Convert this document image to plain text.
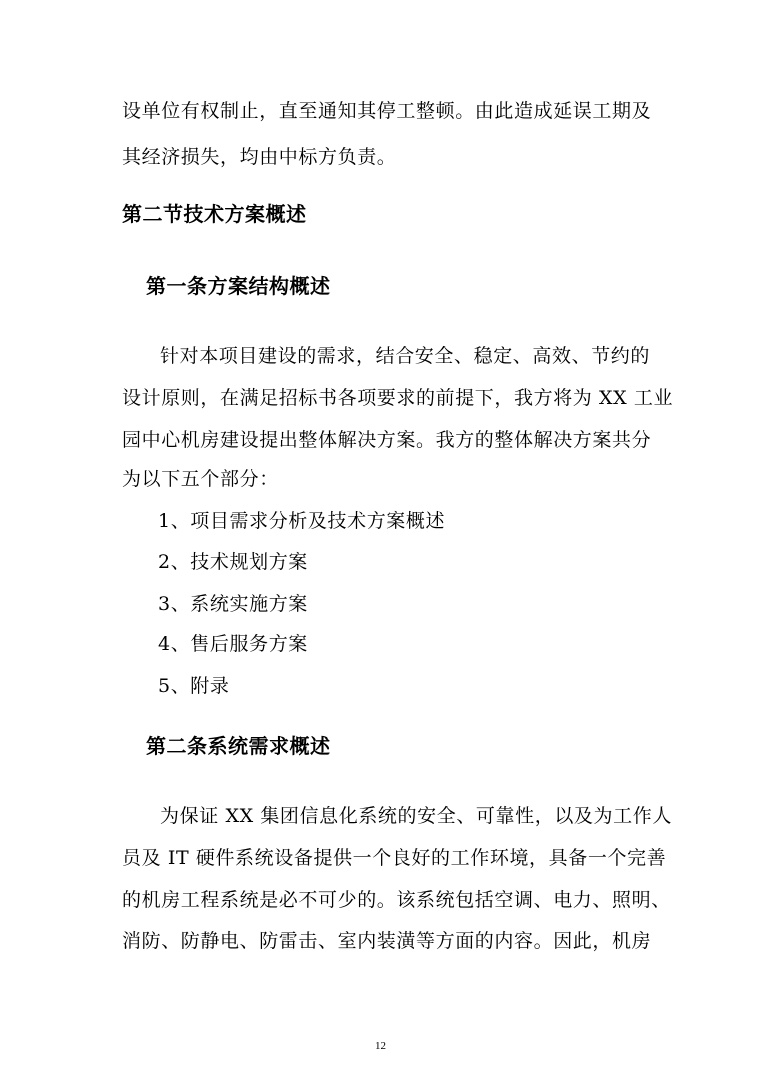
设单位有权制止，直至通知其停工整顿。由此造成延误工期及
其经济损失，均由中标方负责。
第二节技术方案概述
第一条方案结构概述
针对本项目建设的需求，结合安全、稳定、高效、节约的
设计原则，在满足招标书各项要求的前提下，我方将为 XX 工业
园中心机房建设提出整体解决方案。我方的整体解决方案共分
为以下五个部分：
1、项目需求分析及技术方案概述
2、技术规划方案
3、系统实施方案
4、售后服务方案
5、附录
第二条系统需求概述
为保证 XX 集团信息化系统的安全、可靠性，以及为工作人
员及 IT 硬件系统设备提供一个良好的工作环境，具备一个完善
的机房工程系统是必不可少的。该系统包括空调、电力、照明、
消防、防静电、防雷击、室内装潢等方面的内容。因此，机房
12
